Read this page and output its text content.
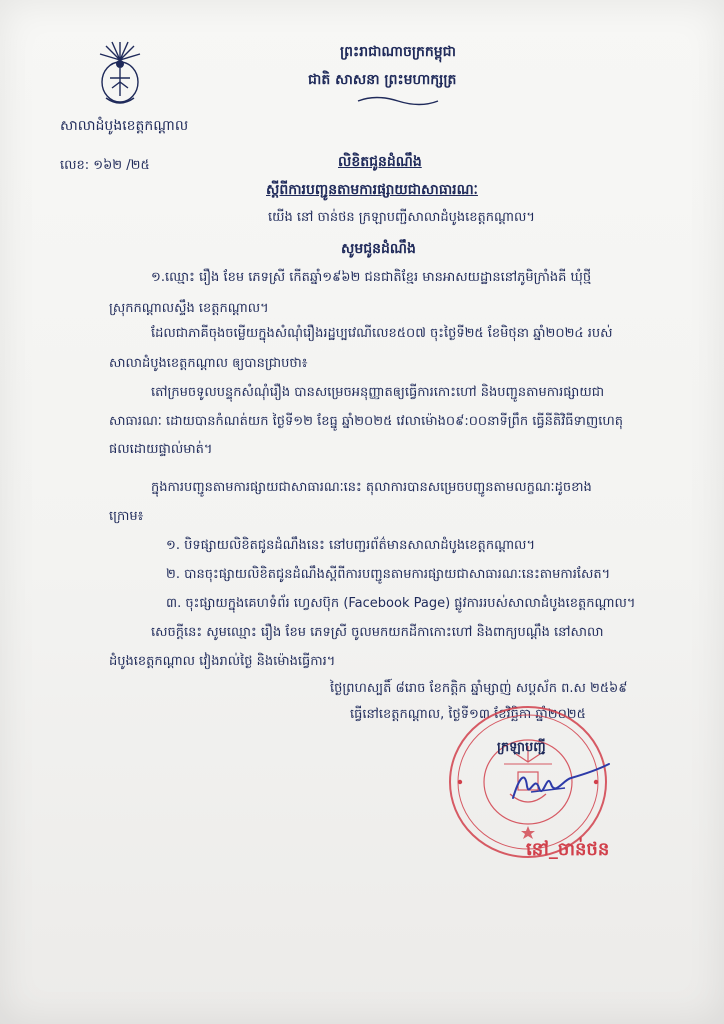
សាលាដំបូងខេត្តកណ្ដាល
ព្រះរាជាណាចក្រកម្ពុជា
ជាតិ សាសនា ព្រះមហាក្សត្រ
លេខ: ១៦២ /២៥	លិខិតជូនដំណឹង
ស្ដីពីការបញ្ជូនតាមការផ្សាយជាសាធារណៈ
យើង នៅ ចាន់ថន ក្រឡាបញ្ជីសាលាដំបូងខេត្តកណ្ដាល។
សូមជូនដំណឹង
១.ឈ្មោះ រឿង ខែម ភេទស្រី កើតឆ្នាំ១៩៦២ ជនជាតិខ្មែរ មានអាសយដ្ឋាននៅភូមិក្រាំងគី ឃុំថ្មី
ស្រុកកណ្ដាលស្ទឹង ខេត្តកណ្ដាល។
ដែលជាភាគីចុងចម្លើយក្នុងសំណុំរឿងរដ្ឋប្បវេណីលេខ៥០៧ ចុះថ្ងៃទី២៥ ខែមិថុនា ឆ្នាំ២០២៤ របស់
សាលាដំបូងខេត្តកណ្ដាល ឲ្យបានជ្រាបថា៖
តៅក្រមចទូលបន្ទុកសំណុំរឿង បានសម្រេចអនុញ្ញាតឲ្យធ្វើការកោះហៅ និងបញ្ជូនតាមការផ្សាយជា
សាធារណៈ ដោយបានកំណត់យក ថ្ងៃទី១២ ខែធ្នូ ឆ្នាំ២០២៥ វេលាម៉ោង០៩:០០នាទីព្រឹក ធ្វើនីតិវិធីទាញហេតុ
ផលដោយផ្ទាល់មាត់។
ក្នុងការបញ្ជូនតាមការផ្សាយជាសាធារណៈនេះ តុលាការបានសម្រេចបញ្ជូនតាមលក្ខណៈដូចខាង
ក្រោម៖
១. បិទផ្សាយលិខិតជូនដំណឹងនេះ នៅបញ្ជរព័ត៌មានសាលាដំបូងខេត្តកណ្ដាល។
២. បានចុះផ្សាយលិខិតជូនដំណឹងស្ដីពីការបញ្ជូនតាមការផ្សាយជាសាធារណៈនេះតាមការសែត។
៣. ចុះផ្សាយក្នុងគេហទំព័រ ហ្វេសប៊ុក (Facebook Page) ផ្លូវការរបស់សាលាដំបូងខេត្តកណ្ដាល។
សេចក្ដីនេះ សូមឈ្មោះ រឿង ខែម ភេទស្រី ចូលមកយកដីកាកោះហៅ និងពាក្យបណ្ដឹង នៅសាលា
ដំបូងខេត្តកណ្ដាល វៀងរាល់ថ្ងៃ និងម៉ោងធ្វើការ។
ថ្ងៃព្រហស្បតិ៍ ៨រោច ខែកត្ដិក ឆ្នាំម្សាញ់ សប្តស័ក ព.ស ២៥៦៩
ធ្វើនៅខេត្តកណ្ដាល, ថ្ងៃទី១៣ ខែវិច្ឆិកា ឆ្នាំ២០២៥
ក្រឡាបញ្ជី
នៅ_ចាន់ថន
